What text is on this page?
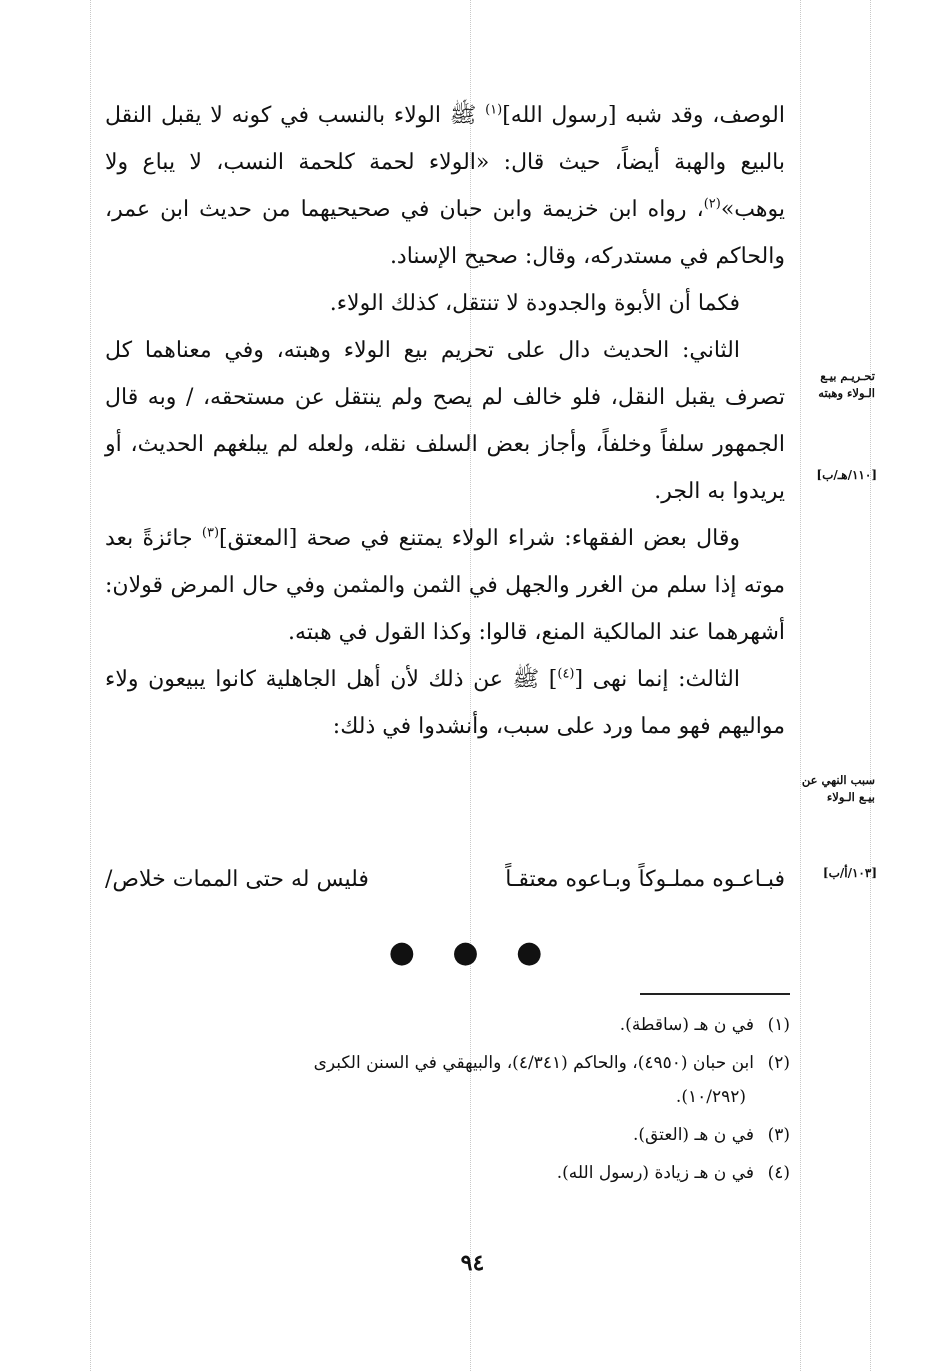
الوصف، وقد شبه [رسول الله]$^{(١)}$ ﷺ الولاء بالنسب في كونه لا يقبل النقل بالبيع والهبة أيضاً، حيث قال: «الولاء لحمة كلحمة النسب، لا يباع ولا يوهب»$^{(٢)}$، رواه ابن خزيمة وابن حبان في صحيحيهما من حديث ابن عمر، والحاكم في مستدركه، وقال: صحيح الإسناد.

فكما أن الأبوة والجدودة لا تنتقل، كذلك الولاء.

الثاني: الحديث دال على تحريم بيع الولاء وهبته، وفي معناهما كل تصرف يقبل النقل، فلو خالف لم يصح ولم ينتقل عن مستحقه، / وبه قال الجمهور سلفاً وخلفاً، وأجاز بعض السلف نقله، ولعله لم يبلغهم الحديث، أو يريدوا به الجر.

وقال بعض الفقهاء: شراء الولاء يمتنع في صحة [المعتق]$^{(٣)}$ جائزةً بعد موته إذا سلم من الغرر والجهل في الثمن والمثمن وفي حال المرض قولان: أشهرهما عند المالكية المنع، قالوا: وكذا القول في هبته.

الثالث: إنما نهى [$^{(٤)}$] ﷺ عن ذلك لأن أهل الجاهلية كانوا يبيعون ولاء مواليهم فهو مما ورد على سبب، وأنشدوا في ذلك:

تحـريـم بيـع الـولاء وهبته
[١١٠/هـ/ب]
سبب النهي عن بيـع الـولاء
[١٠٣/أ/ب]
فبـاعـوه مملـوكاً وبـاعوه معتقـاً
فليس له حتى الممات خلاص/
● ● ●
(١)في ن هـ (ساقطة).
(٢)ابن حبان (٤٩٥٠)، والحاكم (٤/٣٤١)، والبيهقي في السنن الكبرى
(١٠/٢٩٢).
(٣)في ن هـ (العتق).
(٤)في ن هـ زيادة (رسول الله).
٩٤
